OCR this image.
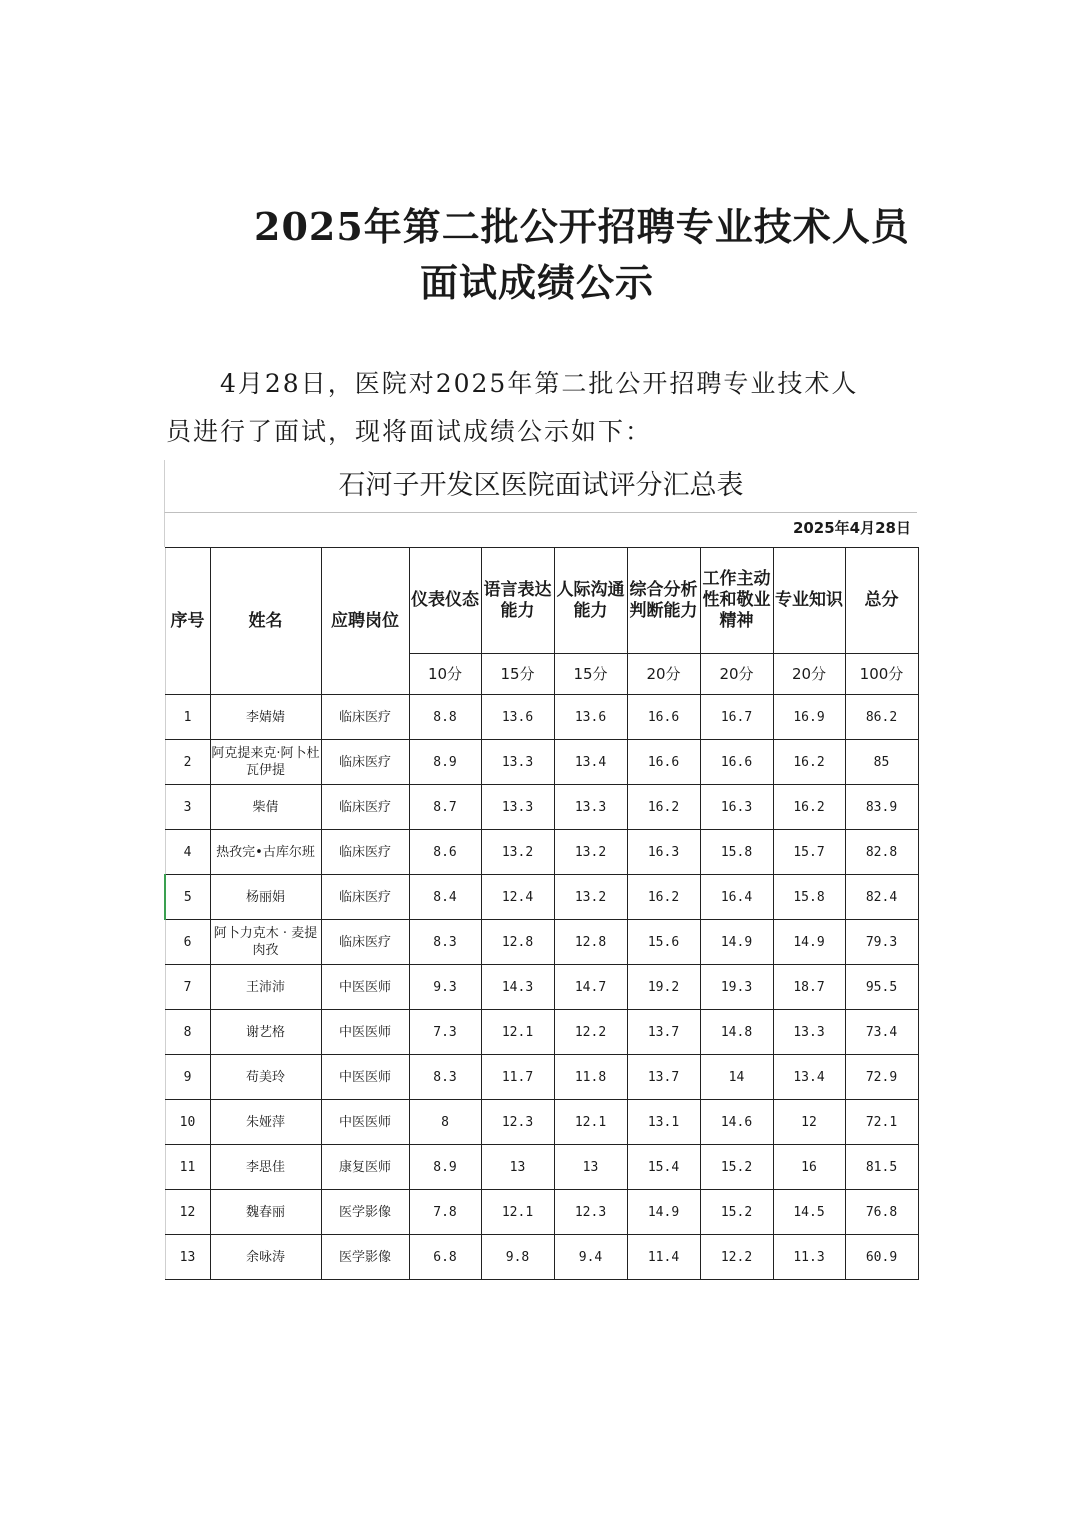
2025年第二批公开招聘专业技术人员
面试成绩公示
4月28日，医院对2025年第二批公开招聘专业技术人
员进行了面试，现将面试成绩公示如下：
石河子开发区医院面试评分汇总表
2025年4月28日
序号	姓名	应聘岗位	仪表仪态	语言表达能力	人际沟通能力	综合分析判断能力	工作主动性和敬业精神	专业知识	总分
			10分	15分	15分	20分	20分	20分	100分
1	李婧婧	临床医疗	8.8	13.6	13.6	16.6	16.7	16.9	86.2
2	阿克提来克·阿卜杜瓦伊提	临床医疗	8.9	13.3	13.4	16.6	16.6	16.2	85
3	柴倩	临床医疗	8.7	13.3	13.3	16.2	16.3	16.2	83.9
4	热孜完•古库尔班	临床医疗	8.6	13.2	13.2	16.3	15.8	15.7	82.8
5	杨丽娟	临床医疗	8.4	12.4	13.2	16.2	16.4	15.8	82.4
6	阿卜力克木 · 麦提肉孜	临床医疗	8.3	12.8	12.8	15.6	14.9	14.9	79.3
7	王沛沛	中医医师	9.3	14.3	14.7	19.2	19.3	18.7	95.5
8	谢艺格	中医医师	7.3	12.1	12.2	13.7	14.8	13.3	73.4
9	苟美玲	中医医师	8.3	11.7	11.8	13.7	14	13.4	72.9
10	朱娅萍	中医医师	8	12.3	12.1	13.1	14.6	12	72.1
11	李思佳	康复医师	8.9	13	13	15.4	15.2	16	81.5
12	魏春丽	医学影像	7.8	12.1	12.3	14.9	15.2	14.5	76.8
13	余咏涛	医学影像	6.8	9.8	9.4	11.4	12.2	11.3	60.9
